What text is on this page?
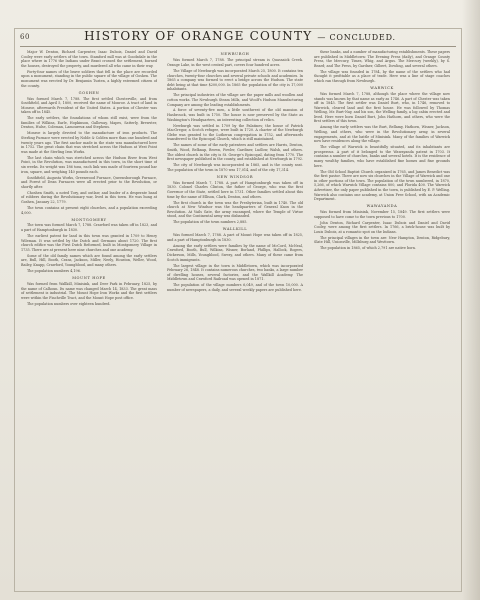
60	HISTORY OF ORANGE COUNTY — CONCLUDED.

Major W. Denton, Richard Carpenter, Isaac Dubois, Daniel and David Cooley were early settlers of the town. Stamford mill was at Goodsdale in the place where in 1776 the Indians under Brant crossed the settlement, burned the houses, destroyed the property, and murdered all who came in their way.

Forty-four names of the brave soldiers that fell in the place are recorded upon a monument, standing in the public square of the village of Goshen. The monument was erected by Dr. Benjamin Tusten, a highly esteemed citizen of the county.

GOSHEN

Was formed March 7, 1788. The first settled Chesterville, and from Southfield, and April 5, 1800, received the name of Monroe. A tract of land in Monroe, afterwards President of the United States. A portion of Chester was taken off in 1845.

The early settlers, the foundations of whom still exist, were from the families of Wilkins, Earle, Hopkinson, Galloway, Mapes, Satterly, Brewster, Denton, Hulse, Coleman, Lamoureux and Stephens.

Monroe is largely devoted to the manufacture of iron products. The Sterling Furnace were erected by Noble & Colden more than one hundred and twenty years ago. The first anchor made in the state was manufactured here in 1752. The great chain that was stretched across the Hudson at West Point was made at the Sterling Iron Works.

The last chain which was stretched across the Hudson River from West Point, in the Revolution, was manufactured in this town, in the short time of six weeks. Its weight was 186 tons, each link was made of fourteen pound bar iron, square, and weighing 140 pounds each.

Southfield, Augusta Works, Greenwood Furnace, Queensborough Furnace, and Forest of Dean Furnaces were all erected prior to the Revolution, or shortly after.

Choshen Smith, a noted Tory, and outlaw, and leader of a desperate band of robbers during the Revolutionary war, lived in this town. He was hung at Goshen, January 22, 1779.

The town contains at present eight churches, and a population exceeding 4,000.

MONTGOMERY

The town was formed March 7, 1788. Crawford was taken off in 1823, and a part of Hamptonburgh in 1830.

The earliest patent for land in this town was granted in 1709 to Henry Wileman. It was settled by the Dutch and Germans about 1720. The first church edifice was the First Dutch Reformed, built in Montgomery Village in 1735. There are at present here nine churches and one academy.

Some of the old family names which are found among the early settlers are, Bull, Hill, Booth, Crans, Jackson, Miller, Neely, Houston, Weller, Wood, Bailey, Knapp, Crawford, Youngblood, and many others.

The population numbers 4,196.

MOUNT HOPE

Was formed from Wallkill, Minisink, and Deer Park in February, 1825, by the name of Calhoun. Its name was changed March 14, 1833. The great mass of settlement is industrial. The Mount Hope Iron Works and the first settlers were within the Finchville Tract, and the Mount Hope post office.

The population numbers over eighteen hundred.

NEWBURGH

Was formed March 7, 1788. The principal stream is Quassaick Creek. Orange Lake, in the west central part, covers four hundred acres.

The Village of Newburgh was incorporated March 25, 1800. It contains ten churches, twenty-four churches and several private schools and academies. In 1865 a company was formed to erect a bridge across the Hudson. The state debt being at that time $200,000. In 1865 the population of the city is 17,000 inhabitants.

The principal industries of the village are the paper mills and woollen and cotton works. The Newburgh Steam Mills, and Woolf's Hudson Manufacturing Company are among the leading establishments.

A force of seventy-five men, a little southwest of the old mansion of Hasbrouck, was built in 1750. The house is now preserved by the State as Washington's Headquarters, an interesting collection of relics.

Newburgh was settled in 1709 by the Palatines; the house of Patrick MacGregor, a Scotch refugee, were built in 1720. A charter of the Newburgh Glebe was granted to the Lutheran congregation in 1752, and afterwards transferred to the Episcopal Church, which is still maintained.

The names of some of the early patentees and settlers are Harris, Denton, Smith, Wood, Belknap, Brown, Fowler, Gardiner, Ludlow, Walsh, and others. The oldest church in the city is St. George's Episcopal, dating from 1770. The first newspaper published in the county, and established at Newburgh in 1792.

The city of Newburgh was incorporated in 1865, and is the county seat. The population of the town in 1870 was 17,014, and of the city 17,314.

NEW WINDSOR

Was formed March 7, 1788. A part of Hamptonburgh was taken off in 1830. Colonel Charles Clinton, the father of George, who was the first Governor of the State, settled here in 1731. Other families settled about this time by the name of Ellison, Clark, Denton, and others.

The first church in the town was the Presbyterian, built in 1740. The old church at New Windsor was the headquarters of General Knox in the Revolution. At Vails Gate, the army encamped, where the Temple of Virtue stood, and the Continental army was disbanded.

The population of the town numbers 2,885.

WALLKILL

Was formed March 7, 1788. A part of Mount Hope was taken off in 1825, and a part of Hamptonburgh in 1830.

Among the early settlers were families by the name of McCord, McNeal, Crawford, Booth, Bull, Wilkins, Wisner, Borland, Phillips, Hallock, Rogers, Dickerson, Mills, Youngblood, Swezy, and others. Many of these came from Scotch immigrants.

The largest village in the town is Middletown, which was incorporated February 26, 1848. It contains numerous churches, two banks, a large number of dwelling houses, several factories, and the Wallkill Academy. The Middletown and Crawford Railroad was opened in 1871.

The population of the village numbers 6,049, and of the town 10,000. A number of newspapers, a daily, and several weekly papers are published here.

these banks, and a number of manufacturing establishments. These papers are published in Middletown: The Evening Press (daily), and Orange County Press, the Mercury, Times, Whig, and Argus. The Mercury (weekly), by S. Beard; and The Press, by Gardner, Gilbert, Dowling, and several others.

The village was founded in 1784, by the name of the settlers who had thought it profitable as a place of trade. Here was a line of stage coaches which ran through from Newburgh.

WARWICK

Was formed March 7, 1788, although the place where the village now stands was known by that name as early as 1746. A part of Chester was taken off in 1845. The first settler was Daniel Burt, who, in 1746, removed to Warwick, cleared land and the first house. He was followed by Thomas Welling, Mr. Burt-Nay, and his son, the Welling family, a log cabin erected and lived. Here were born Daniel Burt, John Hathorn, and others, who were the first settlers of this town.

Among the early settlers was the Burt, Bellamy, Hathorn, Wisner, Jackson, Welling, and others, who were in the Revolutionary army, in several engagements, and at the battle of Minisink. Many of the families of Warwick now have residences along the village.

The village of Warwick is beautifully situated, and its inhabitants are prosperous. A part of it belonged to the Wawayanda patent in 1703. It contains a number of churches, banks and several hotels. It is the residence of many wealthy families, who have established fine homes and fine grounds here.

The Old School Baptist Church organized in 1765, and James Benedict was the first pastor. There are now six churches in the Village of Warwick and one in other portions of the town. The population of the town numbered, in 1870, 5,266, of which Warwick Village contains 800, and Florida 400. The Warwick Advertiser, the only paper published in the town, is published by E. P. Welling. Warwick also contains one academy, at Union Free School, with an Academic Department.

WAWAYANDA

Was formed from Minisink, November 15, 1849. The first settlers were supposed to have come to the town previous to 1700.

John Denton, Richard Carpenter, Isaac Dubois and Daniel and David Cooley, were among the first settlers. In 1766, a brick-house was built by Louis Dubois, at a romantic spot on the Indians.

The principal villages in the town are: New Hampton, Denton, Ridgebury, Slate Hill, Unionville, Millsburg and Westtown.

The population in 1865, of which 2,791 are native born.
